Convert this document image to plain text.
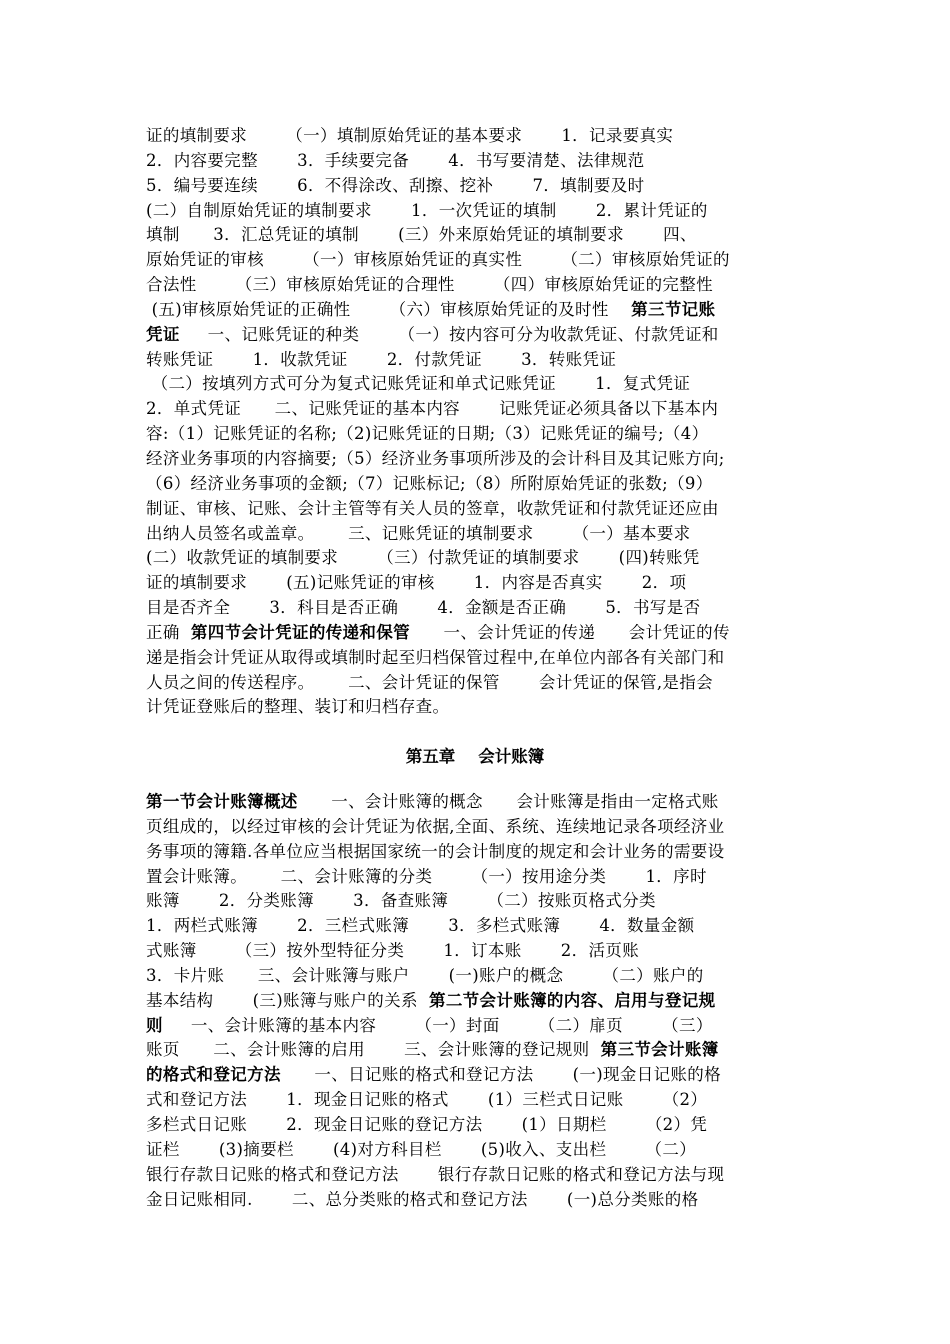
证的填制要求       （一）填制原始凭证的基本要求       1．记录要真实
2．内容要完整       3．手续要完备       4．书写要清楚、法律规范
5．编号要连续       6．不得涂改、刮擦、挖补       7．填制要及时
(二）自制原始凭证的填制要求       1．一次凭证的填制       2．累计凭证的
填制      3．汇总凭证的填制       (三）外来原始凭证的填制要求       四、
原始凭证的审核       （一）审核原始凭证的真实性       （二）审核原始凭证的
合法性       （三）审核原始凭证的合理性       （四）审核原始凭证的完整性
(五)审核原始凭证的正确性       （六）审核原始凭证的及时性    第三节记账
凭证     一、记账凭证的种类       （一）按内容可分为收款凭证、付款凭证和
转账凭证       1．收款凭证       2．付款凭证       3．转账凭证
（二）按填列方式可分为复式记账凭证和单式记账凭证       1．复式凭证
2．单式凭证      二、记账凭证的基本内容       记账凭证必须具备以下基本内
容:（1）记账凭证的名称;（2)记账凭证的日期;（3）记账凭证的编号;（4）
经济业务事项的内容摘要;（5）经济业务事项所涉及的会计科目及其记账方向;
（6）经济业务事项的金额;（7）记账标记;（8）所附原始凭证的张数;（9）
制证、审核、记账、会计主管等有关人员的签章，收款凭证和付款凭证还应由
出纳人员签名或盖章。      三、记账凭证的填制要求       （一）基本要求
(二）收款凭证的填制要求       （三）付款凭证的填制要求       (四)转账凭
证的填制要求       (五)记账凭证的审核       1．内容是否真实       2．项
目是否齐全       3．科目是否正确       4．金额是否正确       5．书写是否
正确  第四节会计凭证的传递和保管      一、会计凭证的传递      会计凭证的传
递是指会计凭证从取得或填制时起至归档保管过程中,在单位内部各有关部门和
人员之间的传送程序。      二、会计凭证的保管       会计凭证的保管,是指会
计凭证登账后的整理、装订和归档存查。
第五章    会计账簿
第一节会计账簿概述      一、会计账簿的概念      会计账簿是指由一定格式账
页组成的，以经过审核的会计凭证为依据,全面、系统、连续地记录各项经济业
务事项的簿籍.各单位应当根据国家统一的会计制度的规定和会计业务的需要设
置会计账簿。      二、会计账簿的分类       （一）按用途分类       1．序时
账簿       2．分类账簿       3．备查账簿       （二）按账页格式分类
1．两栏式账簿       2．三栏式账簿       3．多栏式账簿       4．数量金额
式账簿       （三）按外型特征分类       1．订本账       2．活页账
3．卡片账      三、会计账簿与账户       (一)账户的概念       （二）账户的
基本结构       (三)账簿与账户的关系  第二节会计账簿的内容、启用与登记规
则     一、会计账簿的基本内容       （一）封面       （二）扉页       （三）
账页      二、会计账簿的启用       三、会计账簿的登记规则  第三节会计账簿
的格式和登记方法      一、日记账的格式和登记方法       (一)现金日记账的格
式和登记方法       1．现金日记账的格式       (1）三栏式日记账       （2）
多栏式日记账       2．现金日记账的登记方法       (1）日期栏       （2）凭
证栏       (3)摘要栏       (4)对方科目栏       (5)收入、支出栏       （二）
银行存款日记账的格式和登记方法       银行存款日记账的格式和登记方法与现
金日记账相同.       二、总分类账的格式和登记方法       (一)总分类账的格
